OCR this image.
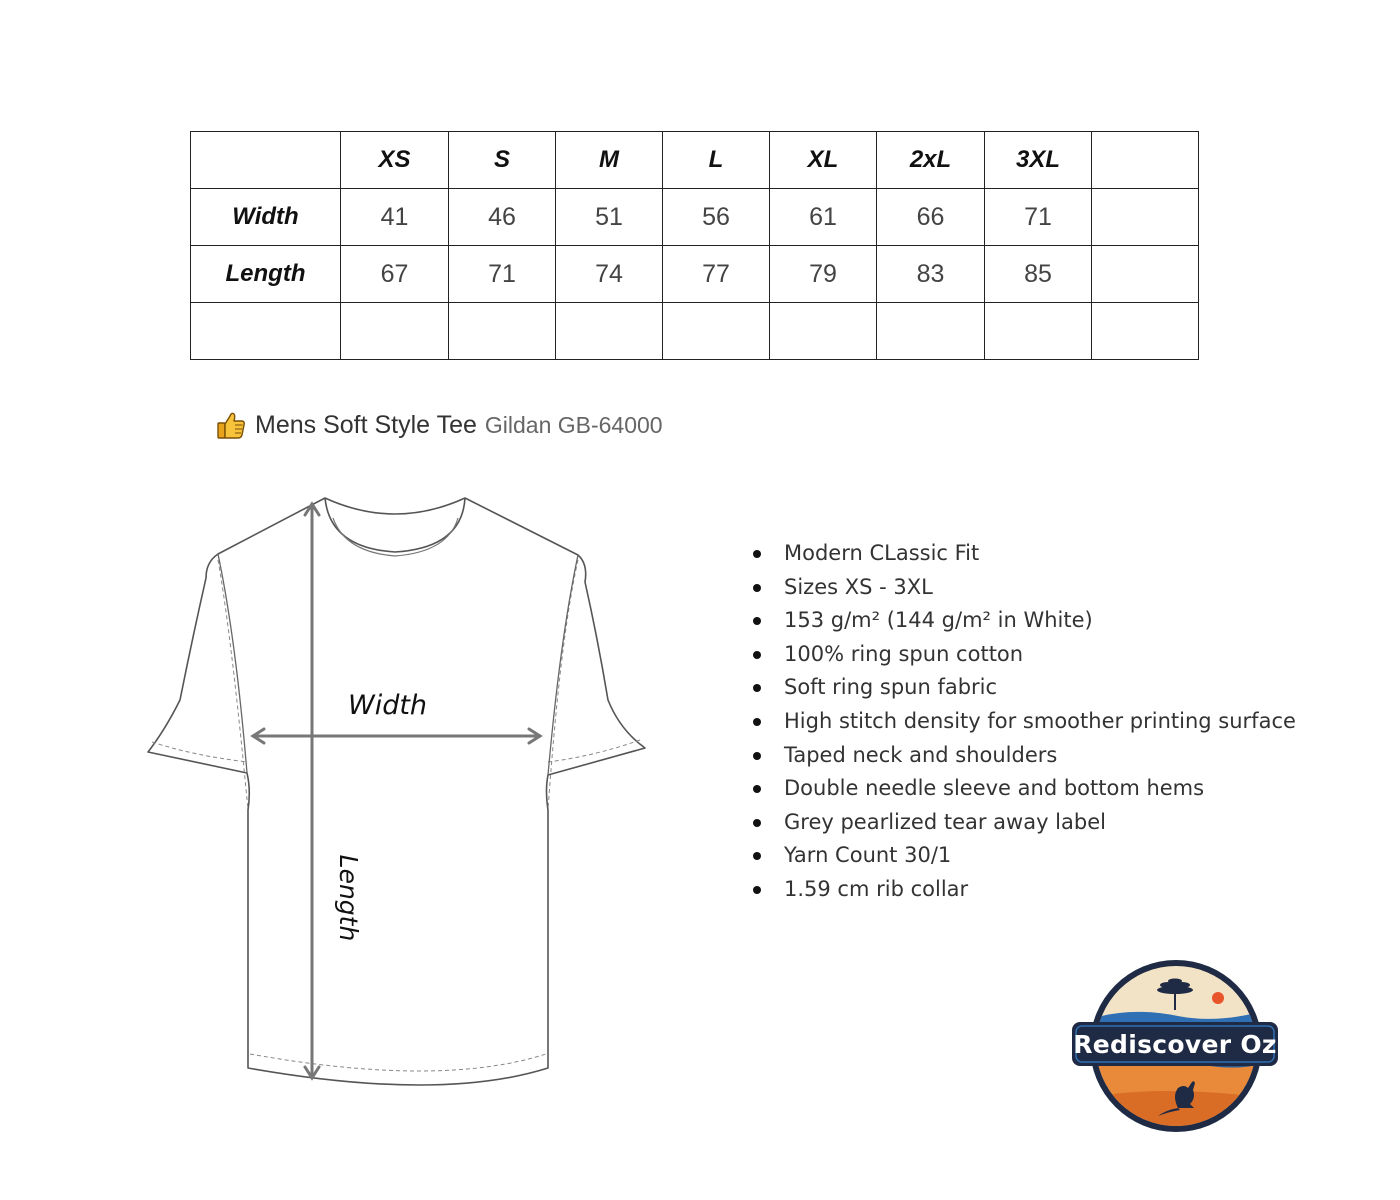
	XS	S	M	L	XL	2xL	3XL	
Width	41	46	51	56	61	66	71	
Length	67	71	74	77	79	83	85	

Mens Soft Style Tee Gildan GB-64000
Width
Length
Modern CLassic Fit
Sizes XS - 3XL
153 g/m² (144 g/m² in White)
100% ring spun cotton
Soft ring spun fabric
High stitch density for smoother printing surface
Taped neck and shoulders
Double needle sleeve and bottom hems
Grey pearlized tear away label
Yarn Count 30/1
1.59 cm rib collar
Rediscover Oz
